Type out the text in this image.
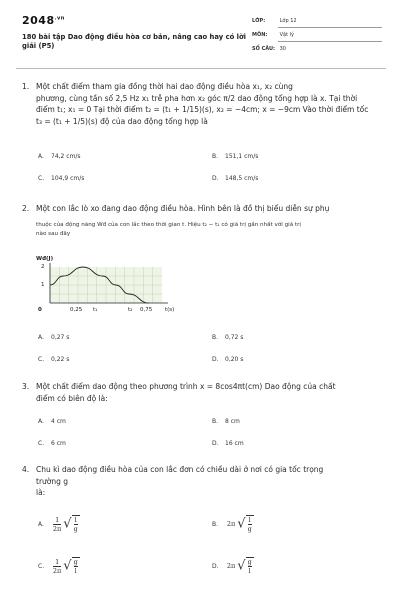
$2048^{.vn}$
180 bài tập Dao động điều hòa cơ bản, nâng cao hay có lời giải (P5)
LỚP:	Lớp 12
MÔN: Vật lý
SỐ CÂU: 30
1. Một chất điểm tham gia đồng thời hai dao động điều hòa x₁, x₂ cùng
phương, cùng tần số 2,5 Hz x₁ trễ pha hơn x₂ góc π/2 dao động tổng hợp là x. Tại thời
điểm t₁; x₁ = 0 Tại thời điểm t₂ = (t₁ + 1/15)(s), x₂ = −4cm; x = −9cm Vào thời điểm tốc
t₃ = (t₁ + 1/5)(s) độ của dao động tổng hợp là
A. 74,2 cm/s	B. 151,1 cm/s
C. 104,9 cm/s	D. 148,5 cm/s
2. Một con lắc lò xo đang dao động điều hòa. Hình bên là đồ thị biểu diễn sự phụ
thuộc của động năng Wđ của con lắc theo thời gian t. Hiệu t₂ − t₁ có giá trị gần nhất với giá trị
nào sau đây
Wđ(J)
t(s)
2
1
0	0,25 t₁	t₂ 0,75
A. 0,27 s	B. 0,72 s
C. 0,22 s	D. 0,20 s
3. Một chất điểm dao động theo phương trình x = 8cos4πt(cm) Dao động của chất
điểm có biên độ là:
A. 4 cm	B. 8 cm
C. 6 cm	D. 16 cm
4. Chu kì dao động điều hòa của con lắc đơn có chiều dài ở nơi có gia tốc trọng
trường g
là:
A. $\frac{1}{2\pi}$ √ $\frac{l}{g}$	B. 2π √ $\frac{l}{g}$
C. $\frac{1}{2\pi}$ √ $\frac{g}{l}$	D. 2π √ $\frac{g}{l}$
